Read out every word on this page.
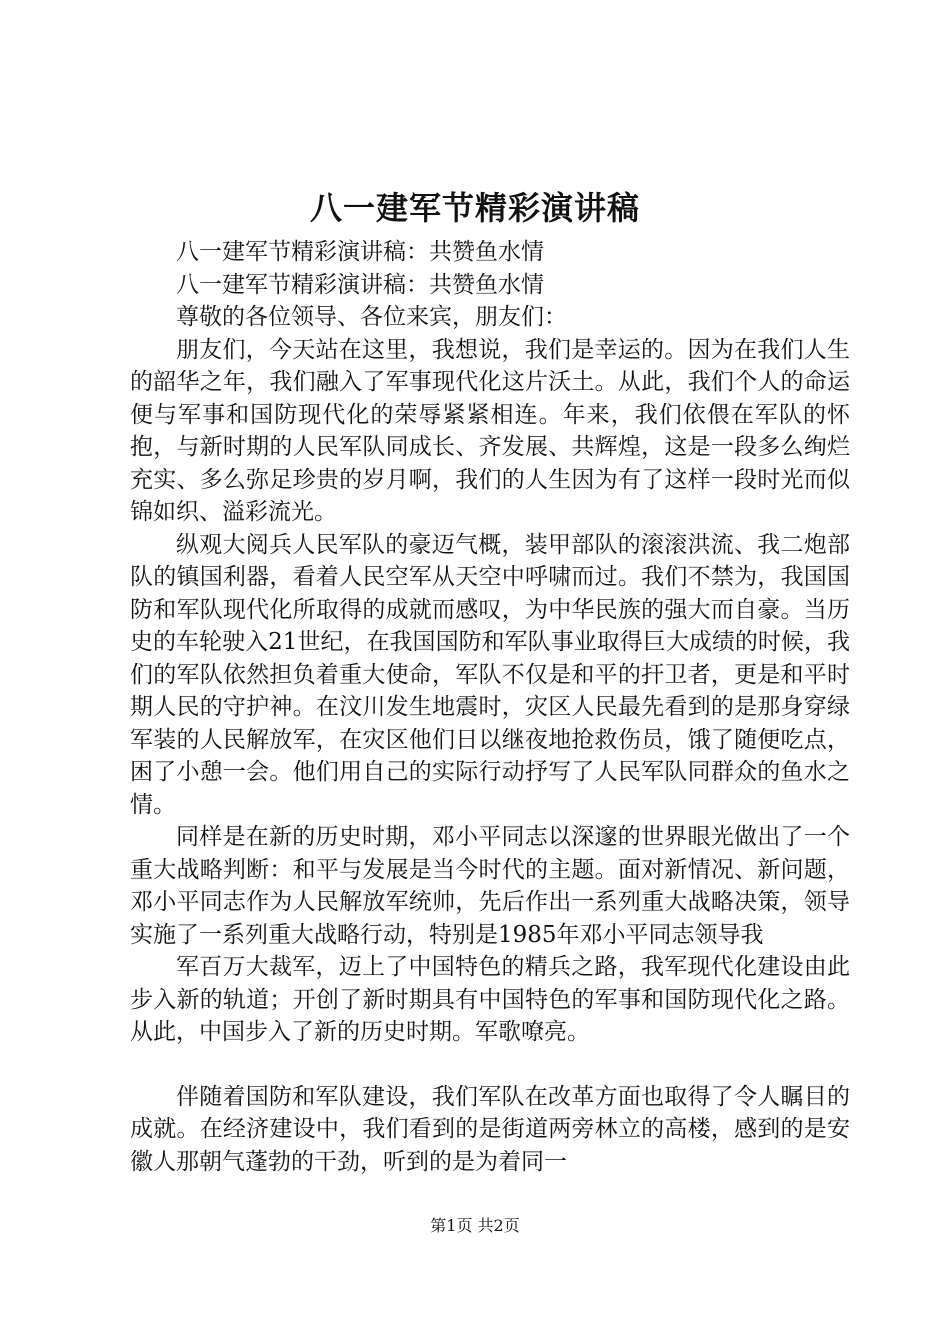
八一建军节精彩演讲稿

八一建军节精彩演讲稿：共赞鱼水情

八一建军节精彩演讲稿：共赞鱼水情

尊敬的各位领导、各位来宾，朋友们：

朋友们，今天站在这里，我想说，我们是幸运的。因为在我们人生的韶华之年，我们融入了军事现代化这片沃土。从此，我们个人的命运便与军事和国防现代化的荣辱紧紧相连。年来，我们依偎在军队的怀抱，与新时期的人民军队同成长、齐发展、共辉煌，这是一段多么绚烂充实、多么弥足珍贵的岁月啊，我们的人生因为有了这样一段时光而似锦如织、溢彩流光。

纵观大阅兵人民军队的豪迈气概，装甲部队的滚滚洪流、我二炮部队的镇国利器，看着人民空军从天空中呼啸而过。我们不禁为，我国国防和军队现代化所取得的成就而感叹，为中华民族的强大而自豪。当历史的车轮驶入21世纪，在我国国防和军队事业取得巨大成绩的时候，我们的军队依然担负着重大使命，军队不仅是和平的扞卫者，更是和平时期人民的守护神。在汶川发生地震时，灾区人民最先看到的是那身穿绿军装的人民解放军，在灾区他们日以继夜地抢救伤员，饿了随便吃点，困了小憩一会。他们用自己的实际行动抒写了人民军队同群众的鱼水之情。

同样是在新的历史时期，邓小平同志以深邃的世界眼光做出了一个重大战略判断：和平与发展是当今时代的主题。面对新情况、新问题，邓小平同志作为人民解放军统帅，先后作出一系列重大战略决策，领导实施了一系列重大战略行动，特别是1985年邓小平同志领导我

军百万大裁军，迈上了中国特色的精兵之路，我军现代化建设由此步入新的轨道；开创了新时期具有中国特色的军事和国防现代化之路。从此，中国步入了新的历史时期。军歌嘹亮。

伴随着国防和军队建设，我们军队在改革方面也取得了令人瞩目的成就。在经济建设中，我们看到的是街道两旁林立的高楼，感到的是安徽人那朝气蓬勃的干劲，听到的是为着同一

第1页 共2页
